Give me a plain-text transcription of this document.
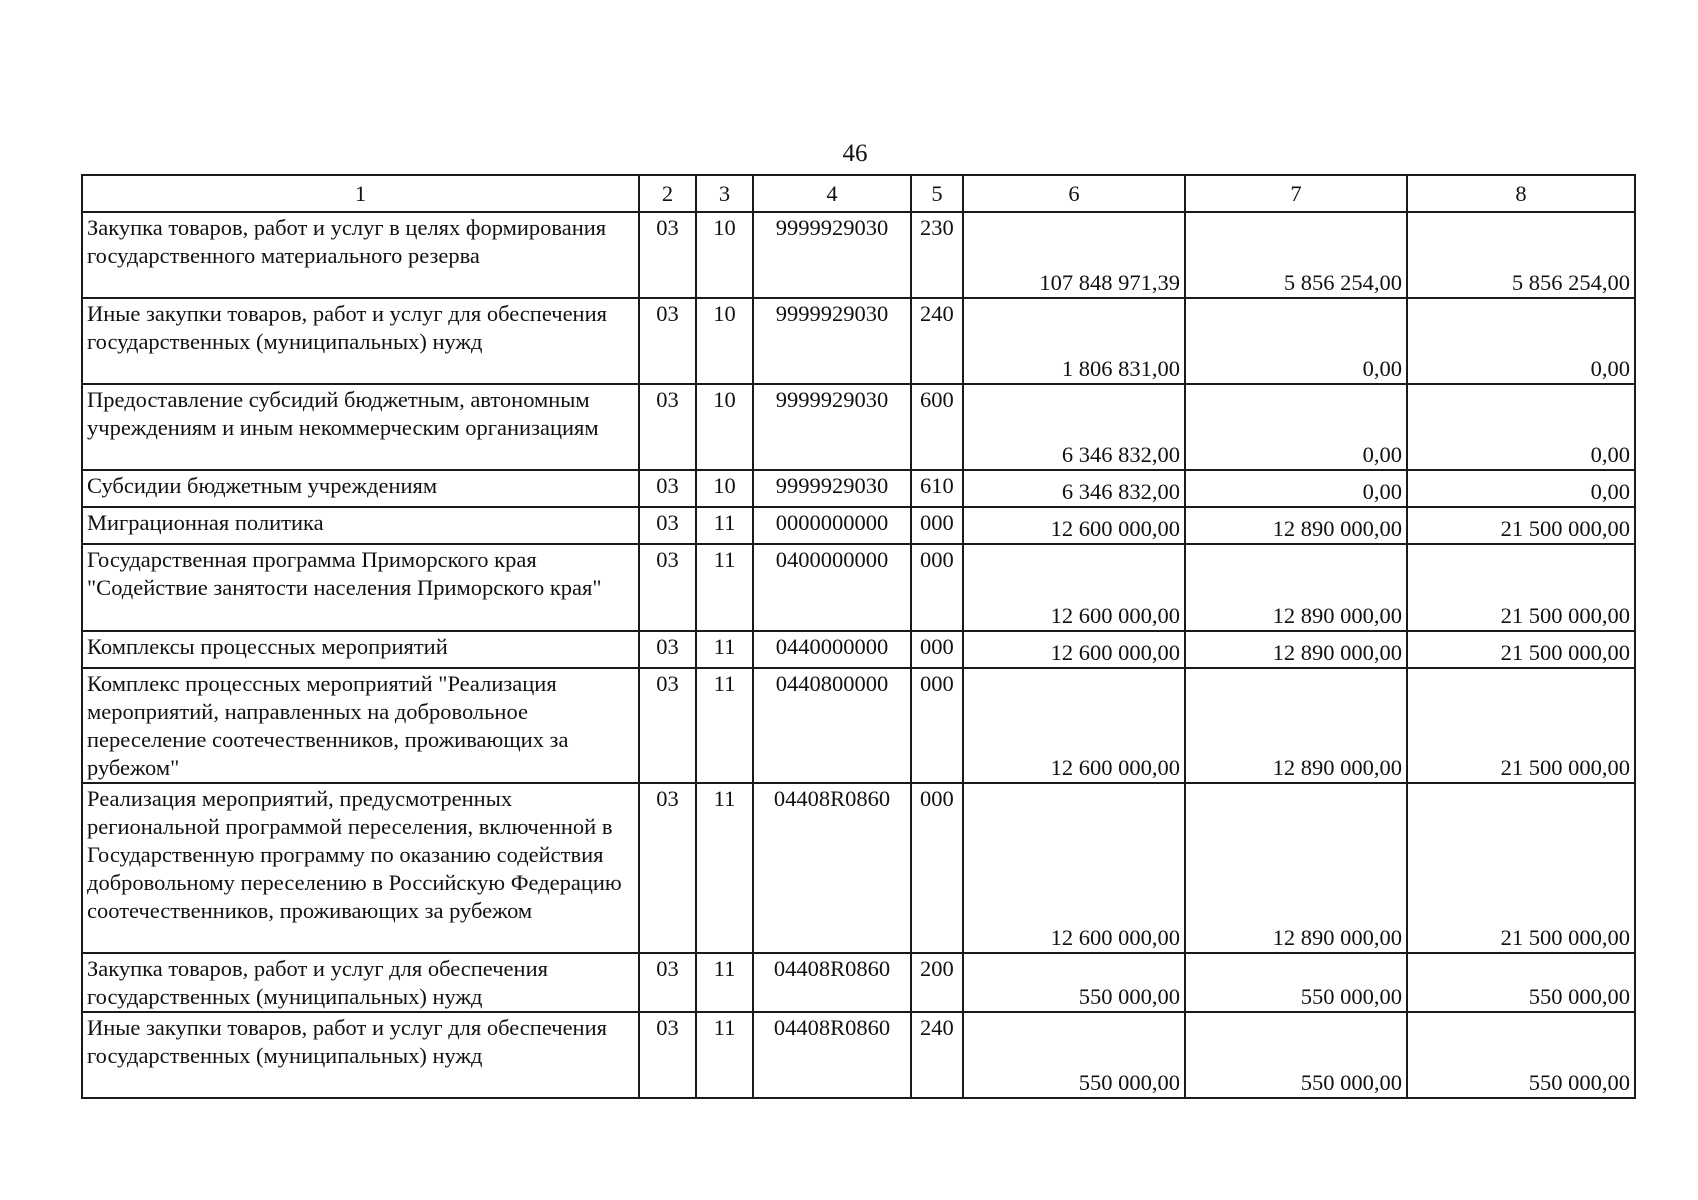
46
1	2	3	4	5	6	7	8
Закупка товаров, работ и услуг в целях формирования государственного материального резерва	03	10	9999929030	230	107 848 971,39	5 856 254,00	5 856 254,00
Иные закупки товаров, работ и услуг для обеспечения государственных (муниципальных) нужд	03	10	9999929030	240	1 806 831,00	0,00	0,00
Предоставление субсидий бюджетным, автономным учреждениям и иным некоммерческим организациям	03	10	9999929030	600	6 346 832,00	0,00	0,00
Субсидии бюджетным учреждениям	03	10	9999929030	610	6 346 832,00	0,00	0,00
Миграционная политика	03	11	0000000000	000	12 600 000,00	12 890 000,00	21 500 000,00
Государственная программа Приморского края "Содействие занятости населения Приморского края"	03	11	0400000000	000	12 600 000,00	12 890 000,00	21 500 000,00
Комплексы процессных мероприятий	03	11	0440000000	000	12 600 000,00	12 890 000,00	21 500 000,00
Комплекс процессных мероприятий "Реализация мероприятий, направленных на добровольное переселение соотечественников, проживающих за рубежом"	03	11	0440800000	000	12 600 000,00	12 890 000,00	21 500 000,00
Реализация мероприятий, предусмотренных региональной программой переселения, включенной в Государственную программу по оказанию содействия добровольному переселению в Российскую Федерацию соотечественников, проживающих за рубежом	03	11	04408R0860	000	12 600 000,00	12 890 000,00	21 500 000,00
Закупка товаров, работ и услуг для обеспечения государственных (муниципальных) нужд	03	11	04408R0860	200	550 000,00	550 000,00	550 000,00
Иные закупки товаров, работ и услуг для обеспечения государственных (муниципальных) нужд	03	11	04408R0860	240	550 000,00	550 000,00	550 000,00
